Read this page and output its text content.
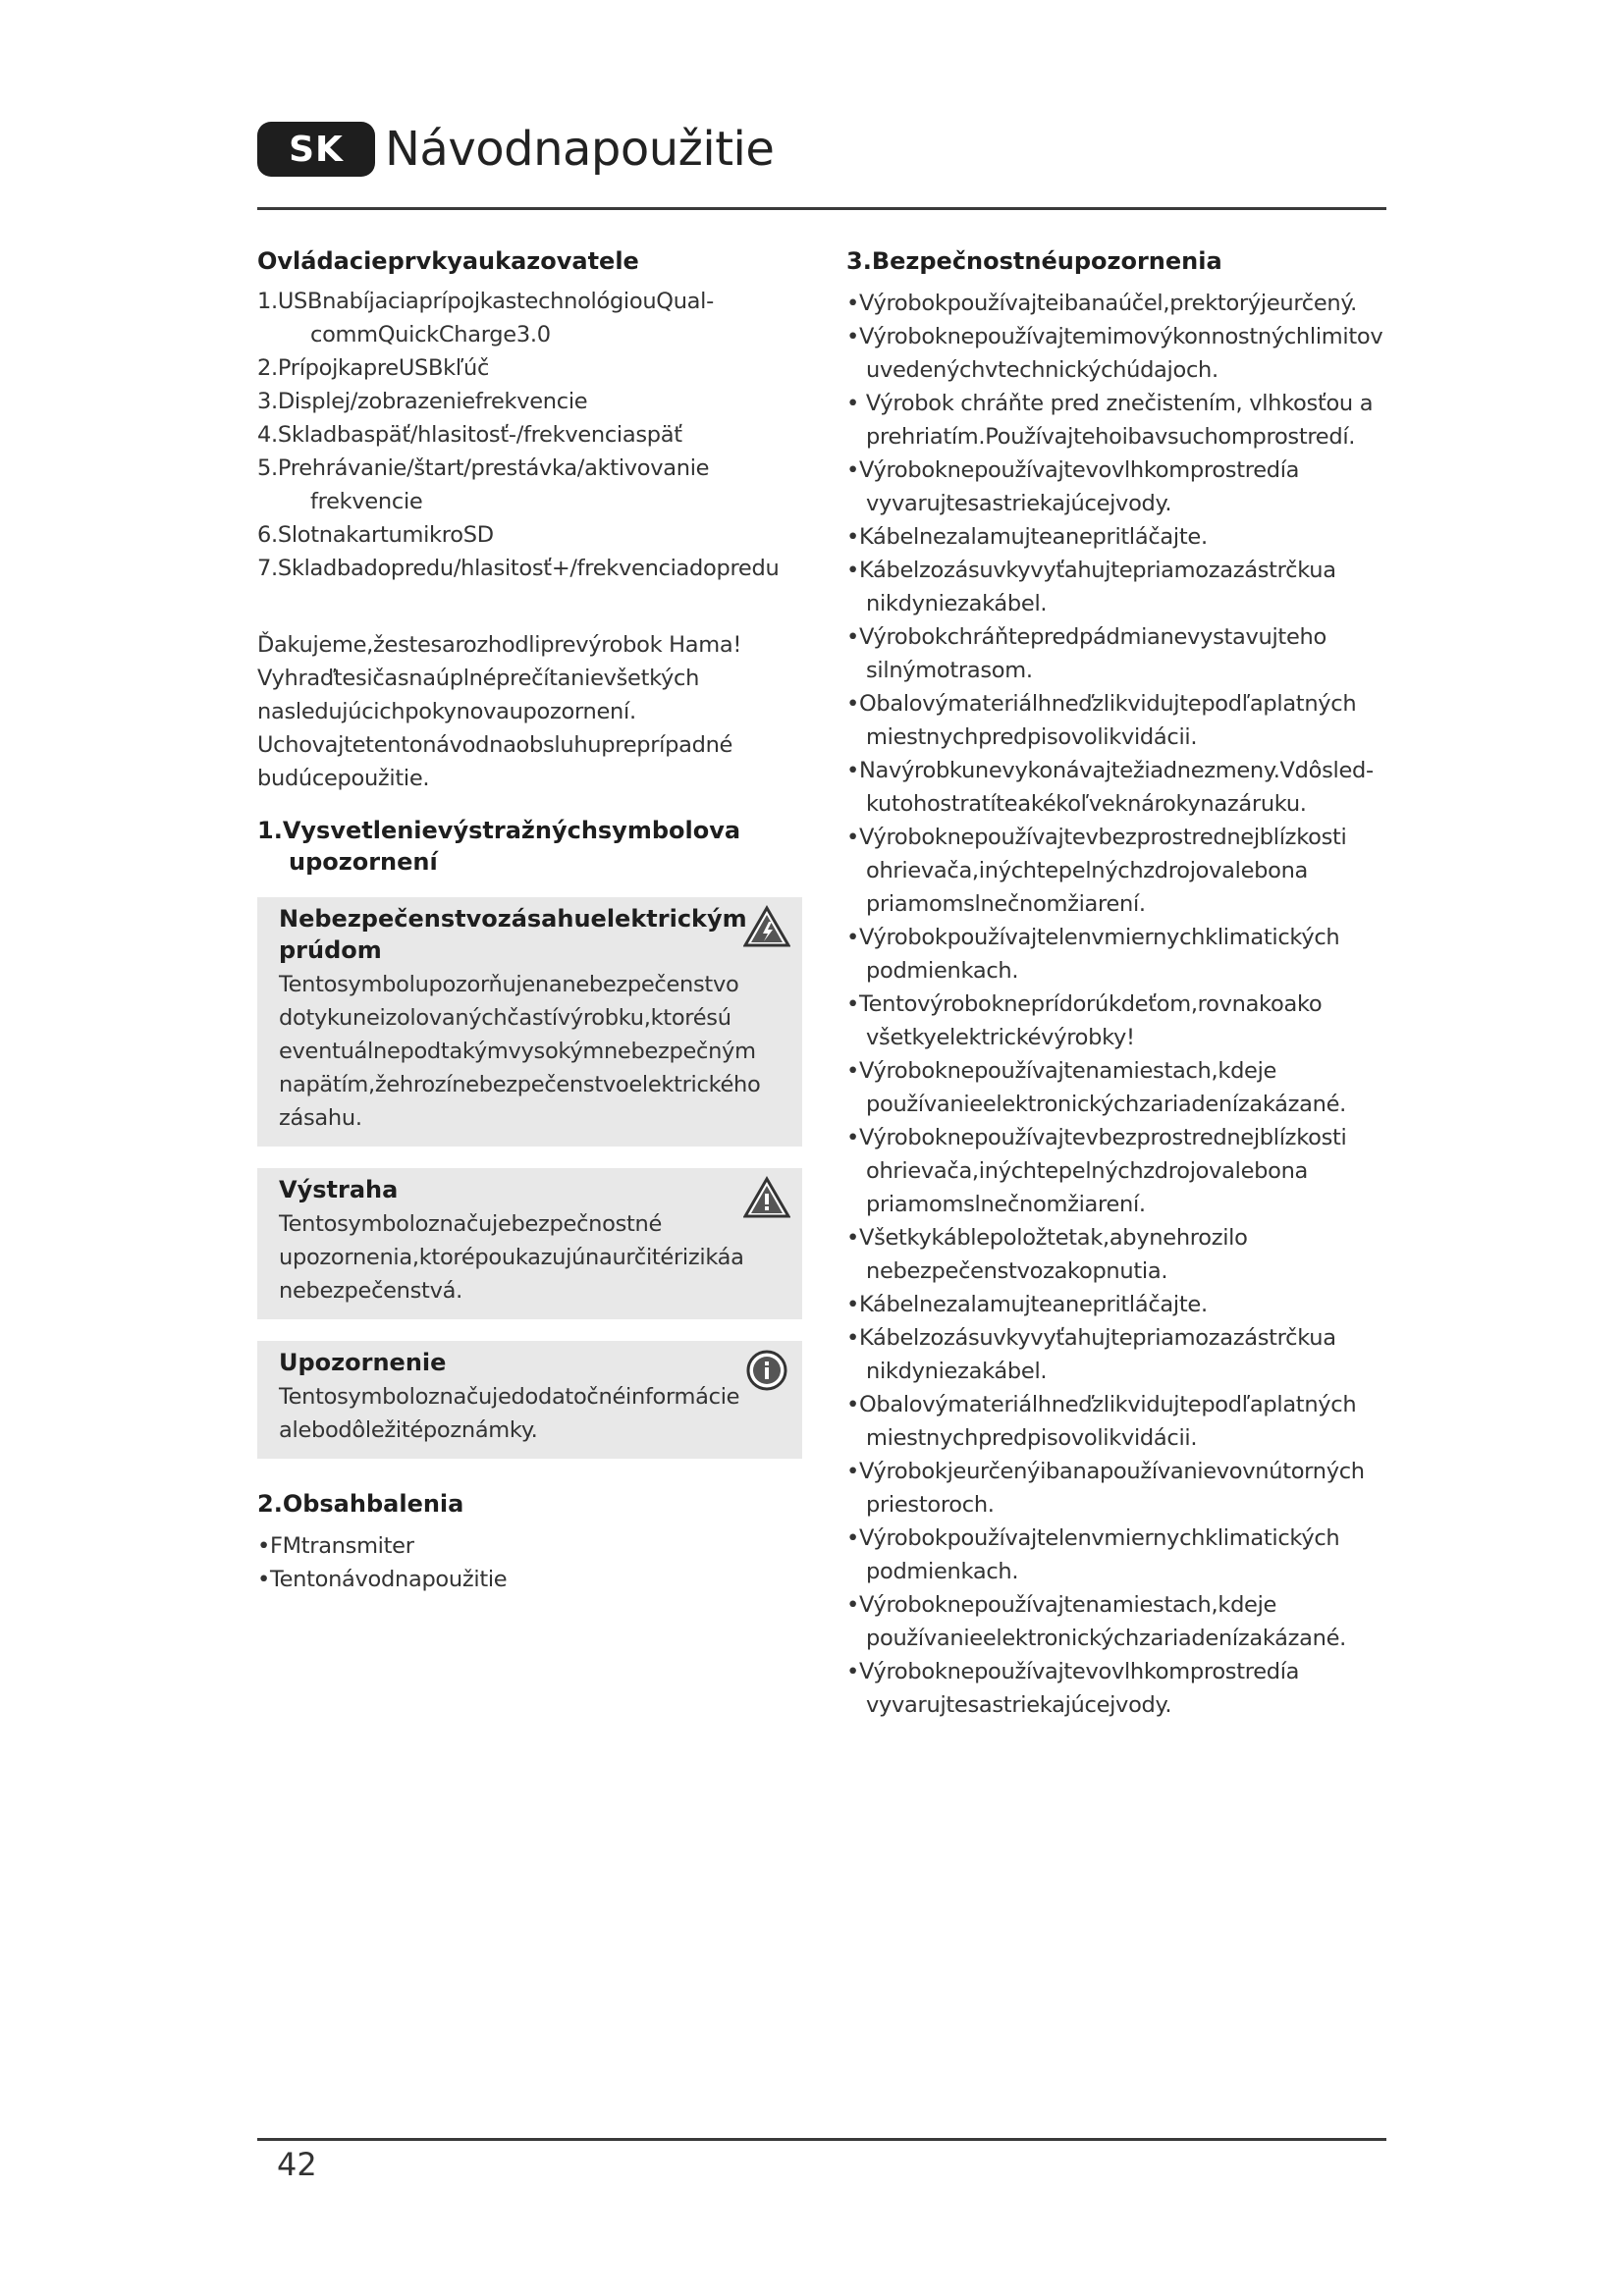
SK Návodnapoužitie
Ovládacieprvkyaukazovatele
1.USBnabíjaciaprípojkastechnológiouQual-commQuickCharge3.0
2.PrípojkapreUSBkľúč
3.Displej/zobrazeniefrekvencie
4.Skladbaspäť/hlasitosť-/frekvenciaspäť
5.Prehrávanie/štart/prestávka/aktivovanie frekvencie
6.SlotnakartumikroSD
7.Skladbadopredu/hlasitosť+/frekvenciadopredu
Ďakujeme,žestesarozhodliprevýrobok Hama!
Vyhraďtesičasnaúplnéprečítanievšetkých nasledujúcichpokynovaupozornení.
Uchovajtetentonávodnaobsluhupreprípadné budúcepoužitie.
1.Vysvetlenievýstražnýchsymbolova
upozornení
Nebezpečenstvozásahuelektrickým prúdom
Tentosymbolupozorňujenanebezpečenstvo dotykuneizolovanýchčastívýrobku,ktorésú eventuálnepodtakýmvysokýmnebezpečným napätím,žehrozínebezpečenstvoelektrického zásahu.
Výstraha
Tentosymboloznačujebezpečnostné upozornenia,ktorépoukazujúnaurčitérizikáa nebezpečenstvá.
Upozornenie
Tentosymboloznačujedodatočnéinformácie alebodôležitépoznámky.
2.Obsahbalenia
•FMtransmiter
•Tentonávodnapoužitie
3.Bezpečnostnéupozornenia
•Výrobokpoužívajteibanaúčel,prektorýjeurčený.
•Výroboknepoužívajtemimovýkonnostnýchlimitov uvedenýchvtechnickýchúdajoch.
• Výrobok chráňte pred znečistením, vlhkosťou a prehriatím.Používajtehoibavsuchomprostredí.
•Výroboknepoužívajtevovlhkomprostredía vyvarujtesastriekajúcejvody.
•Kábelnezalamujteanepritláčajte.
•Kábelzozásuvkyvyťahujtepriamozazástrčkua nikdyniezakábel.
•Výrobokchráňtepredpádmianevystavujteho silnýmotrasom.
•Obalovýmateriálhneďzlikvidujtepodľaplatných miestnychpredpisovolikvidácii.
•Navýrobkunevykonávajtežiadnezmeny.Vdôsled-kutohostratíteakékoľveknárokynazáruku.
•Výroboknepoužívajtevbezprostrednejblízkosti ohrievača,inýchtepelnýchzdrojovalebona priamomslnečnomžiarení.
•Výrobokpoužívajtelenvmiernychklimatických podmienkach.
•Tentovýrobokneprídorúkdeťom,rovnakoako všetkyelektrickévýrobky!
•Výroboknepoužívajtenamiestach,kdeje používanieelektronickýchzariadenízakázané.
•Výroboknepoužívajtevbezprostrednejblízkosti ohrievača,inýchtepelnýchzdrojovalebona priamomslnečnomžiarení.
•Všetkykáblepoložtetak,abynehrozilo nebezpečenstvozakopnutia.
•Kábelnezalamujteanepritláčajte.
•Kábelzozásuvkyvyťahujtepriamozazástrčkua nikdyniezakábel.
•Obalovýmateriálhneďzlikvidujtepodľaplatných miestnychpredpisovolikvidácii.
•Výrobokjeurčenýibanapoužívanievovnútorných priestoroch.
•Výrobokpoužívajtelenvmiernychklimatických podmienkach.
•Výroboknepoužívajtenamiestach,kdeje používanieelektronickýchzariadenízakázané.
•Výroboknepoužívajtevovlhkomprostredía vyvarujtesastriekajúcejvody.
42
